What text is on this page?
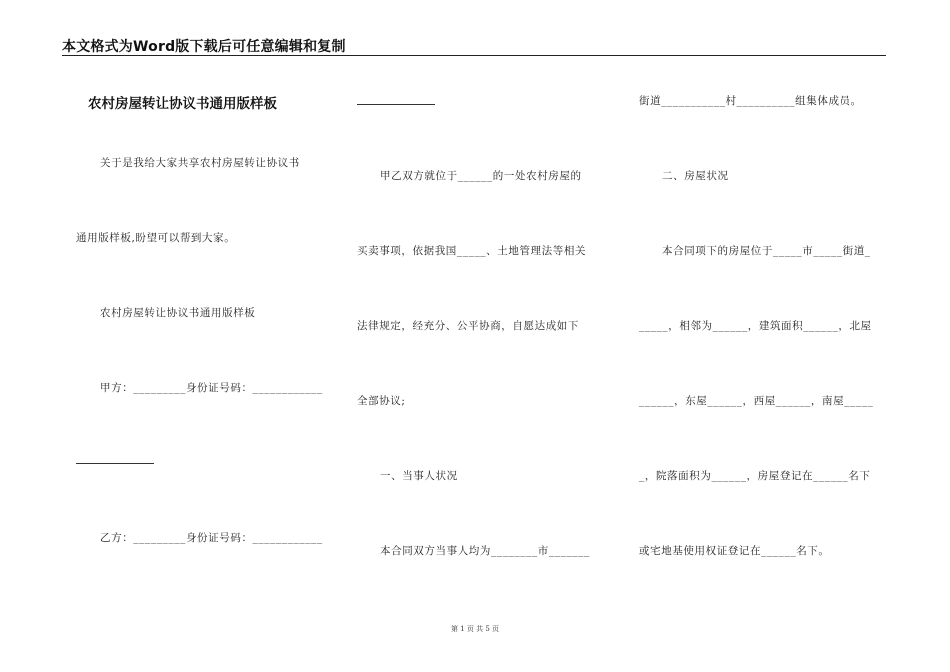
本文格式为Word版下载后可任意编辑和复制
农村房屋转让协议书通用版样板
关于是我给大家共享农村房屋转让协议书
通用版样板,盼望可以帮到大家。
农村房屋转让协议书通用版样板
甲方：_________身份证号码：____________
乙方：_________身份证号码：____________
甲乙双方就位于______的一处农村房屋的
买卖事项，依据我国_____、土地管理法等相关
法律规定，经充分、公平协商，自愿达成如下
全部协议;
一、当事人状况
本合同双方当事人均为________市_______
街道___________村__________组集体成员。
二、房屋状况
本合同项下的房屋位于_____市_____街道_
_____，相邻为______，建筑面积______，北屋
______，东屋______，西屋______，南屋_____
_，院落面积为______，房屋登记在______名下
或宅地基使用权证登记在______名下。
第 1 页 共 5 页
